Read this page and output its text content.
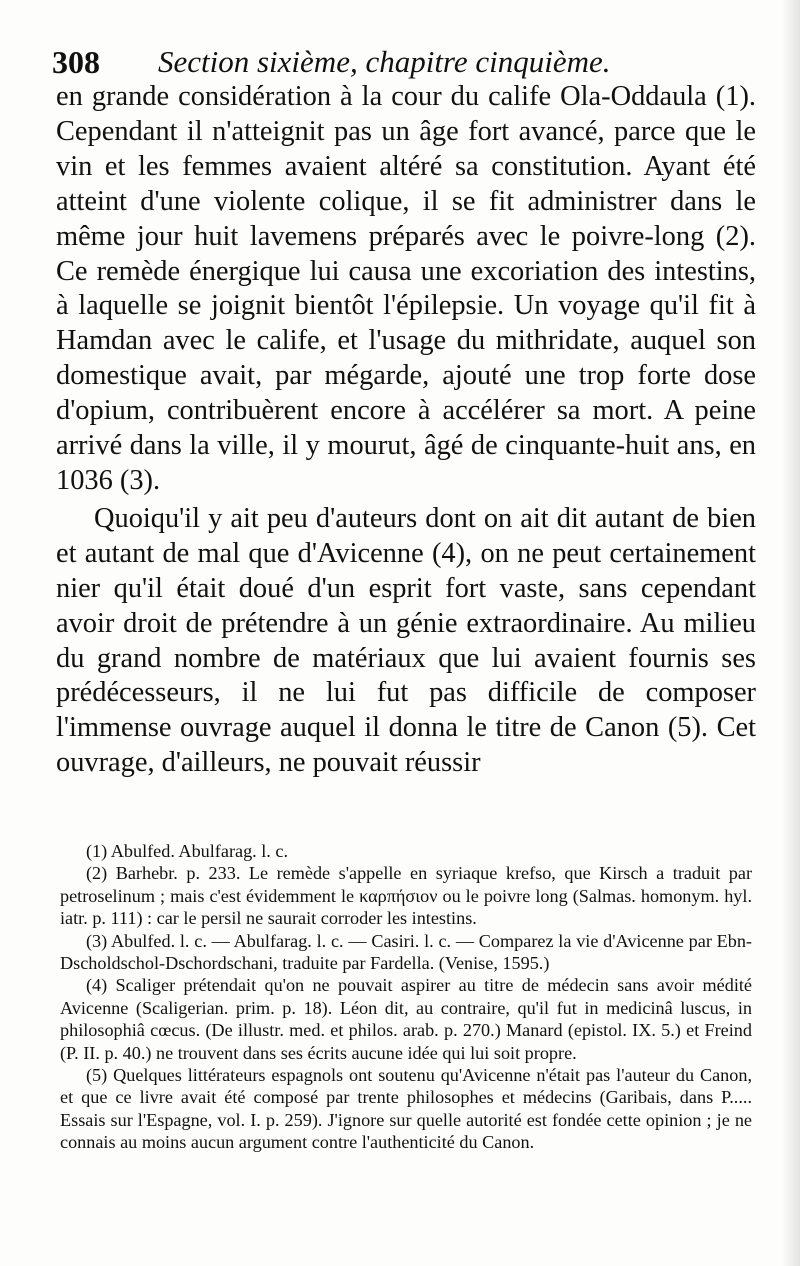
308 Section sixième, chapitre cinquième.

en grande considération à la cour du calife Ola-Oddaula (1). Cependant il n'atteignit pas un âge fort avancé, parce que le vin et les femmes avaient altéré sa constitution. Ayant été atteint d'une violente colique, il se fit administrer dans le même jour huit lavemens préparés avec le poivre-long (2). Ce remède énergique lui causa une excoriation des intestins, à laquelle se joignit bientôt l'épilepsie. Un voyage qu'il fit à Hamdan avec le calife, et l'usage du mithridate, auquel son domestique avait, par mégarde, ajouté une trop forte dose d'opium, contribuèrent encore à accélérer sa mort. A peine arrivé dans la ville, il y mourut, âgé de cinquante-huit ans, en 1036 (3).

Quoiqu'il y ait peu d'auteurs dont on ait dit autant de bien et autant de mal que d'Avicenne (4), on ne peut certainement nier qu'il était doué d'un esprit fort vaste, sans cependant avoir droit de prétendre à un génie extraordinaire. Au milieu du grand nombre de matériaux que lui avaient fournis ses prédécesseurs, il ne lui fut pas difficile de composer l'immense ouvrage auquel il donna le titre de Canon (5). Cet ouvrage, d'ailleurs, ne pouvait réussir

(1) Abulfed. Abulfarag. l. c.

(2) Barhebr. p. 233. Le remède s'appelle en syriaque krefso, que Kirsch a traduit par petroselinum ; mais c'est évidemment le καρπήσιον ou le poivre long (Salmas. homonym. hyl. iatr. p. 111) : car le persil ne saurait corroder les intestins.

(3) Abulfed. l. c. — Abulfarag. l. c. — Casiri. l. c. — Comparez la vie d'Avicenne par Ebn-Dscholdschol-Dschordschani, traduite par Fardella. (Venise, 1595.)

(4) Scaliger prétendait qu'on ne pouvait aspirer au titre de médecin sans avoir médité Avicenne (Scaligerian. prim. p. 18). Léon dit, au contraire, qu'il fut in medicinâ luscus, in philosophiâ cœcus. (De illustr. med. et philos. arab. p. 270.) Manard (epistol. IX. 5.) et Freind (P. II. p. 40.) ne trouvent dans ses écrits aucune idée qui lui soit propre.

(5) Quelques littérateurs espagnols ont soutenu qu'Avicenne n'était pas l'auteur du Canon, et que ce livre avait été composé par trente philosophes et médecins (Garibais, dans P..... Essais sur l'Espagne, vol. I. p. 259). J'ignore sur quelle autorité est fondée cette opinion ; je ne connais au moins aucun argument contre l'authenticité du Canon.
